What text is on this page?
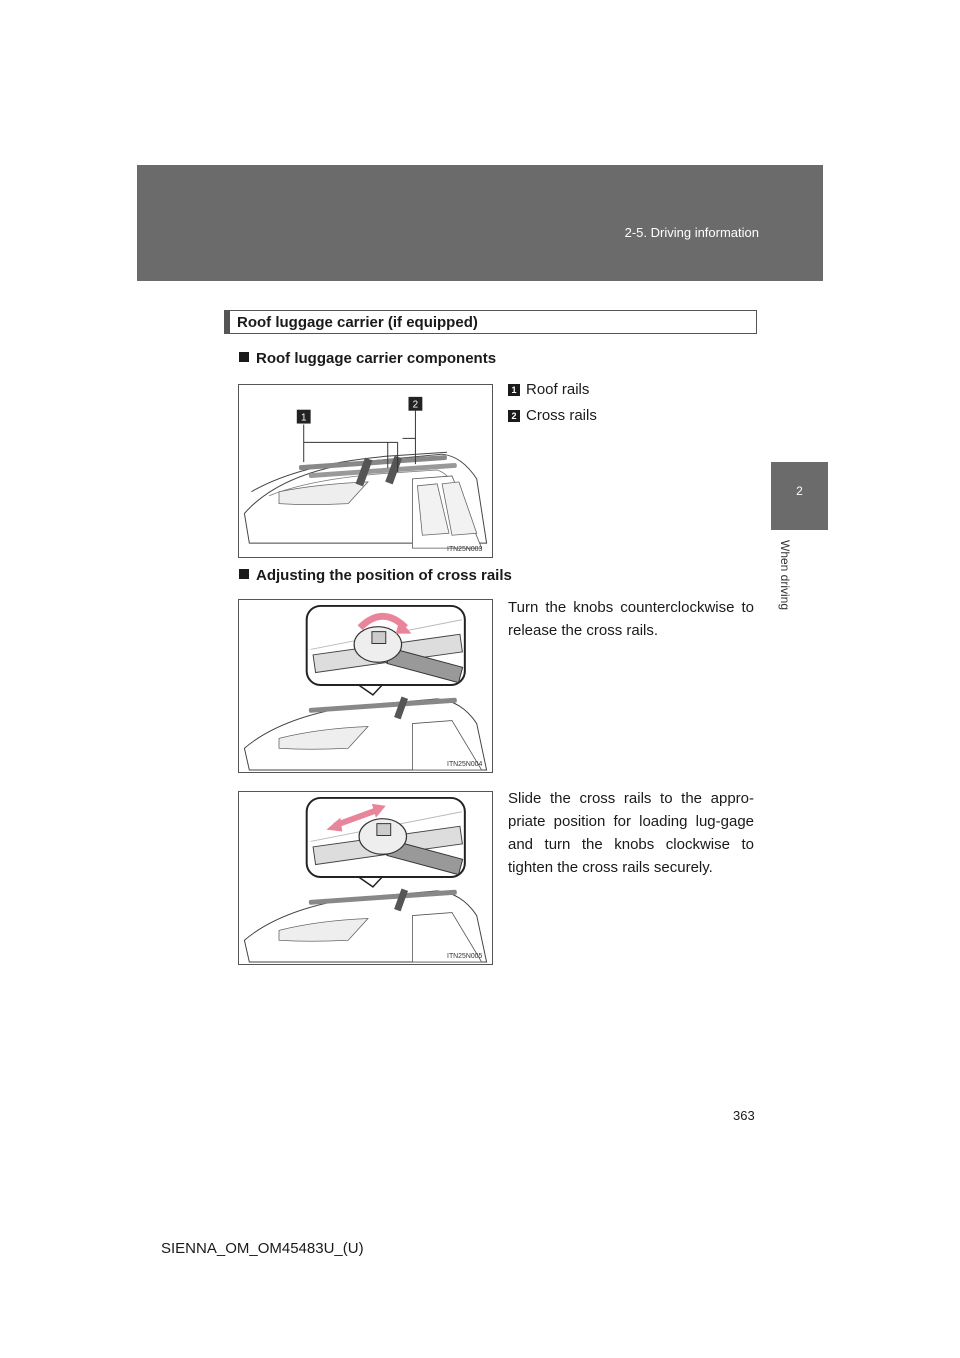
2-5. Driving information
2
When driving
Roof luggage carrier (if equipped)
Roof luggage carrier components
1
2
ITN25N003
1 Roof rails
2 Cross rails
Adjusting the position of cross rails
ITN25N004

Turn the knobs counterclockwise to release the cross rails.

ITN25N005

Slide the cross rails to the appro-priate position for loading lug-gage and turn the knobs clockwise to tighten the cross rails securely.

363
SIENNA_OM_OM45483U_(U)
